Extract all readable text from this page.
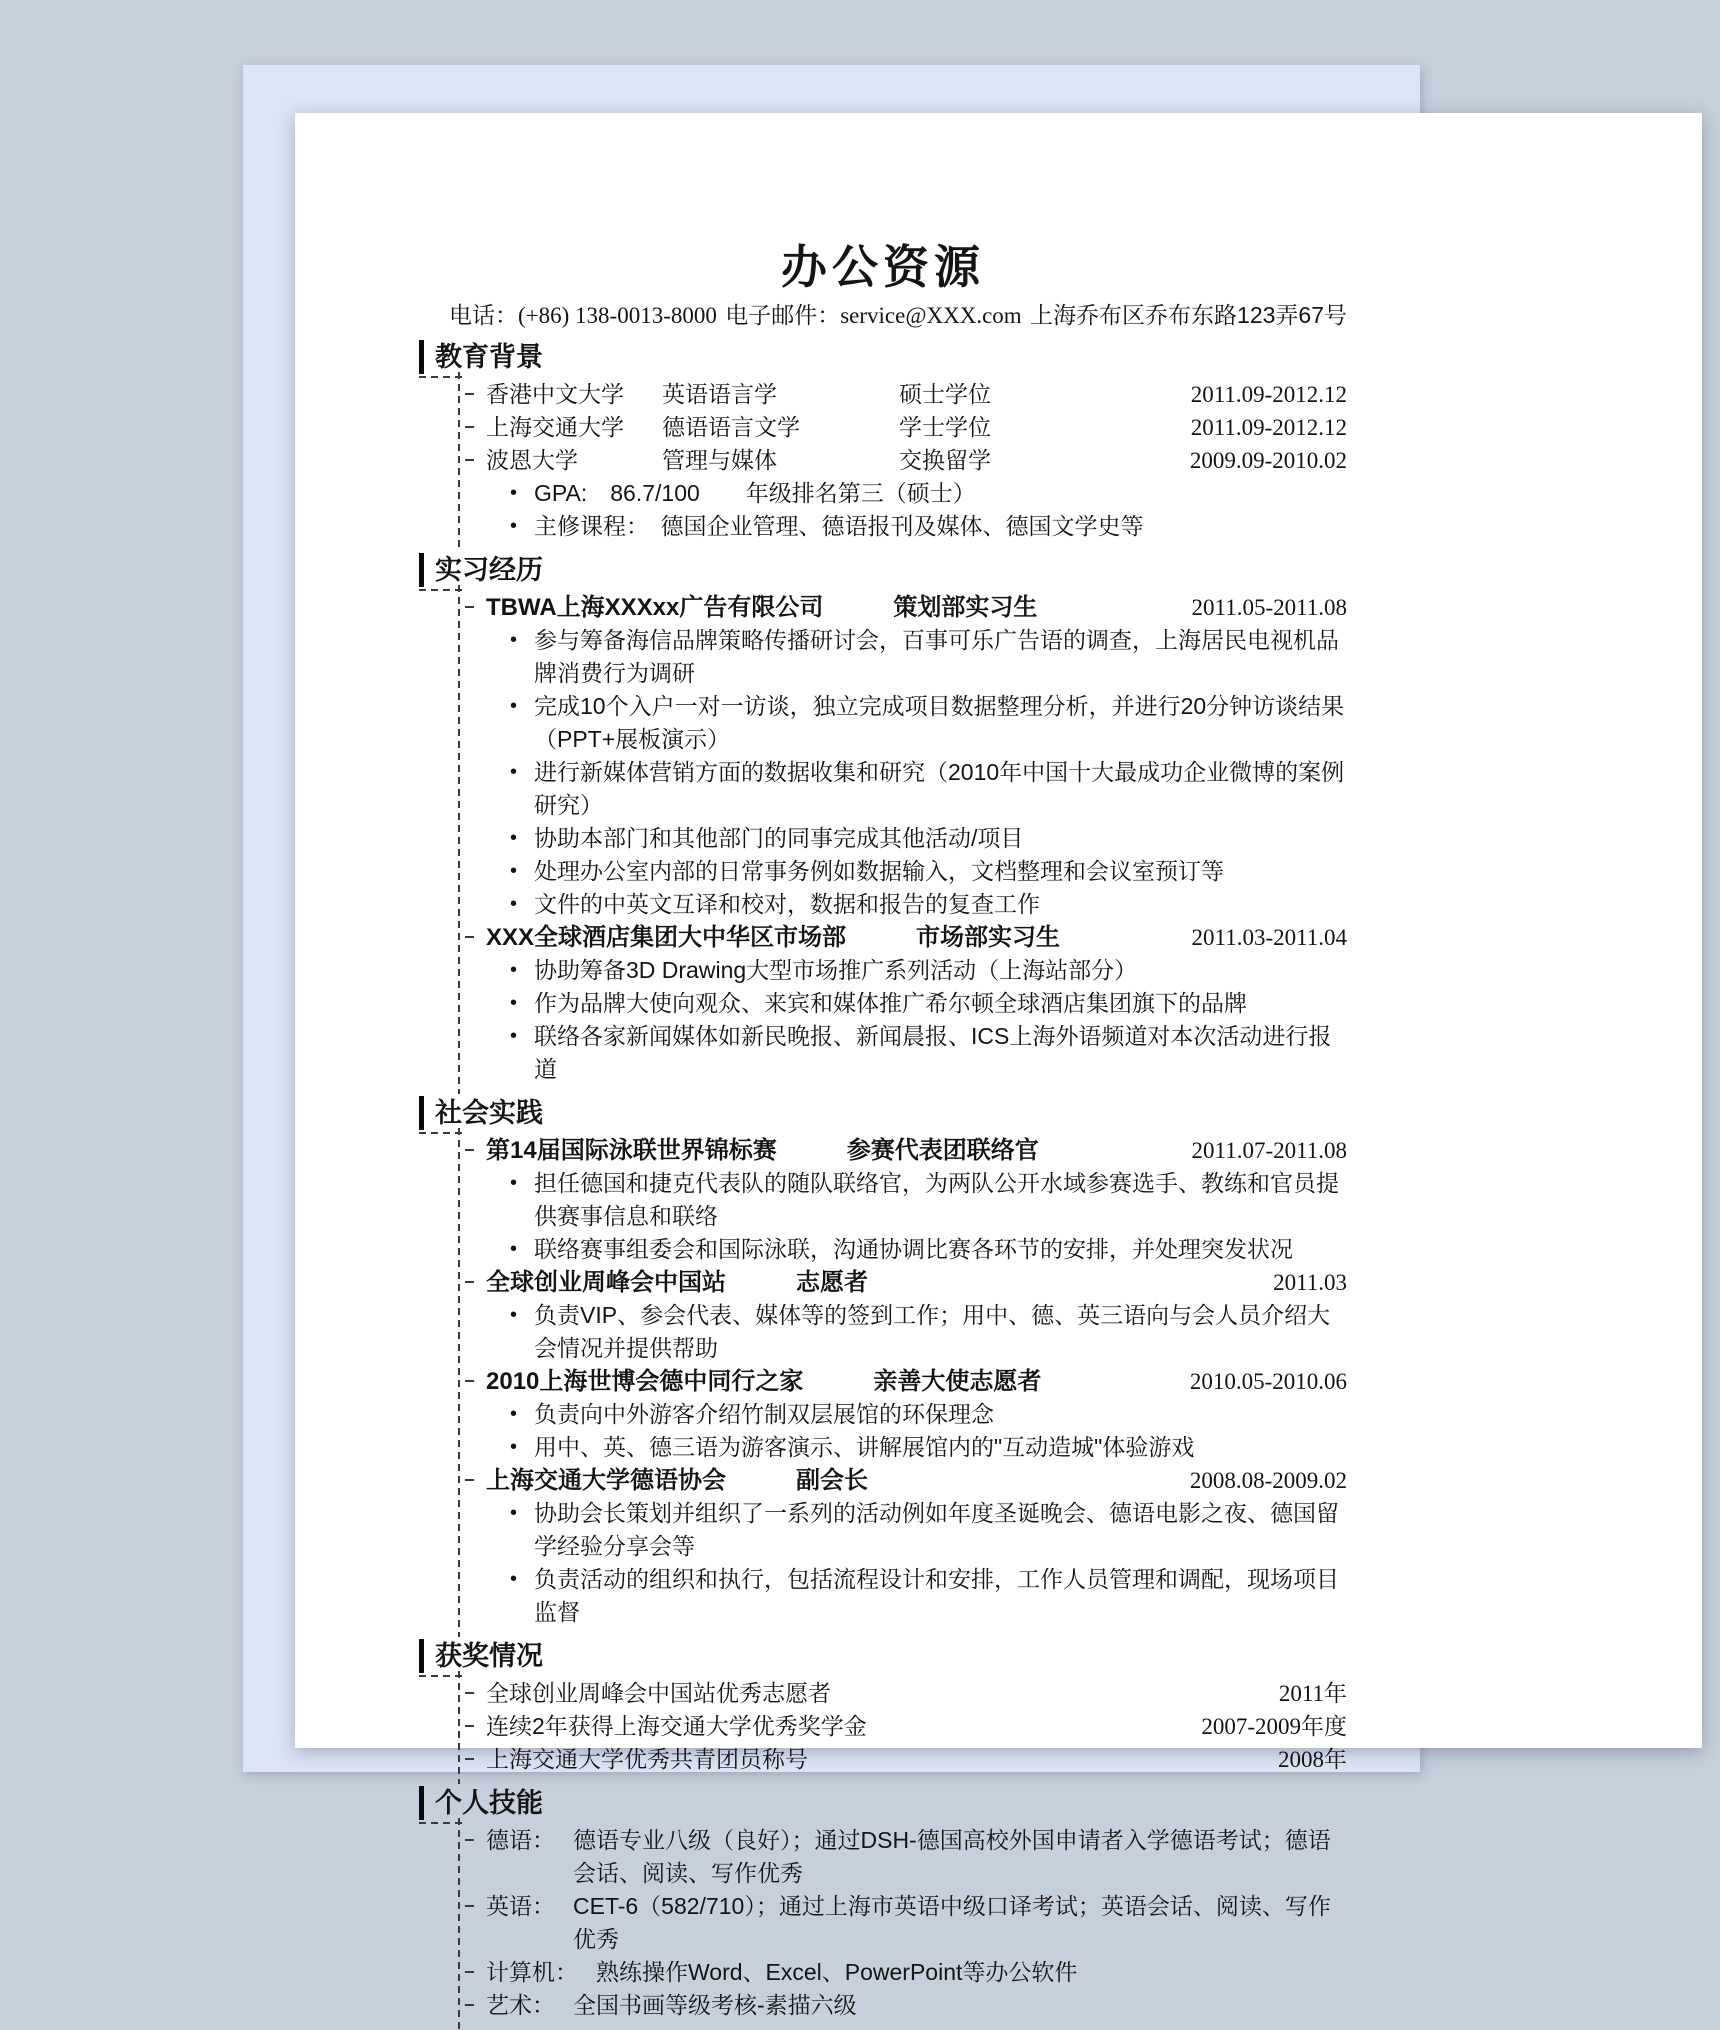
办公资源
电话：(+86) 138-0013-8000 电子邮件：service@XXX.com 上海乔布区乔布东路123弄67号
教育背景
香港中文大学	英语语言学	硕士学位	2011.09-2012.12
上海交通大学	德语语言文学	学士学位	2011.09-2012.12
波恩大学	管理与媒体	交换留学	2009.09-2010.02
• GPA:　86.7/100　　年级排名第三（硕士）
• 主修课程：　德国企业管理、德语报刊及媒体、德国文学史等
实习经历
TBWA上海XXXxx广告有限公司	策划部实习生	2011.05-2011.08
• 参与筹备海信品牌策略传播研讨会，百事可乐广告语的调查，上海居民电视机品牌消费行为调研
• 完成10个入户一对一访谈，独立完成项目数据整理分析，并进行20分钟访谈结果（PPT+展板演示）
• 进行新媒体营销方面的数据收集和研究（2010年中国十大最成功企业微博的案例研究）
• 协助本部门和其他部门的同事完成其他活动/项目
• 处理办公室内部的日常事务例如数据输入，文档整理和会议室预订等
• 文件的中英文互译和校对，数据和报告的复查工作
XXX全球酒店集团大中华区市场部	市场部实习生	2011.03-2011.04
• 协助筹备3D Drawing大型市场推广系列活动（上海站部分）
• 作为品牌大使向观众、来宾和媒体推广希尔顿全球酒店集团旗下的品牌
• 联络各家新闻媒体如新民晚报、新闻晨报、ICS上海外语频道对本次活动进行报道
社会实践
第14届国际泳联世界锦标赛	参赛代表团联络官	2011.07-2011.08
• 担任德国和捷克代表队的随队联络官，为两队公开水域参赛选手、教练和官员提供赛事信息和联络
• 联络赛事组委会和国际泳联，沟通协调比赛各环节的安排，并处理突发状况
全球创业周峰会中国站	志愿者	2011.03
• 负责VIP、参会代表、媒体等的签到工作；用中、德、英三语向与会人员介绍大会情况并提供帮助
2010上海世博会德中同行之家	亲善大使志愿者	2010.05-2010.06
• 负责向中外游客介绍竹制双层展馆的环保理念
• 用中、英、德三语为游客演示、讲解展馆内的"互动造城"体验游戏
上海交通大学德语协会	副会长	2008.08-2009.02
• 协助会长策划并组织了一系列的活动例如年度圣诞晚会、德语电影之夜、德国留学经验分享会等
• 负责活动的组织和执行，包括流程设计和安排，工作人员管理和调配，现场项目监督
获奖情况
全球创业周峰会中国站优秀志愿者	2011年
连续2年获得上海交通大学优秀奖学金	2007-2009年度
上海交通大学优秀共青团员称号	2008年
个人技能
德语： 德语专业八级（良好）；通过DSH-德国高校外国申请者入学德语考试；德语会话、阅读、写作优秀
英语： CET-6（582/710）；通过上海市英语中级口译考试；英语会话、阅读、写作优秀
计算机： 熟练操作Word、Excel、PowerPoint等办公软件
艺术： 全国书画等级考核-素描六级
